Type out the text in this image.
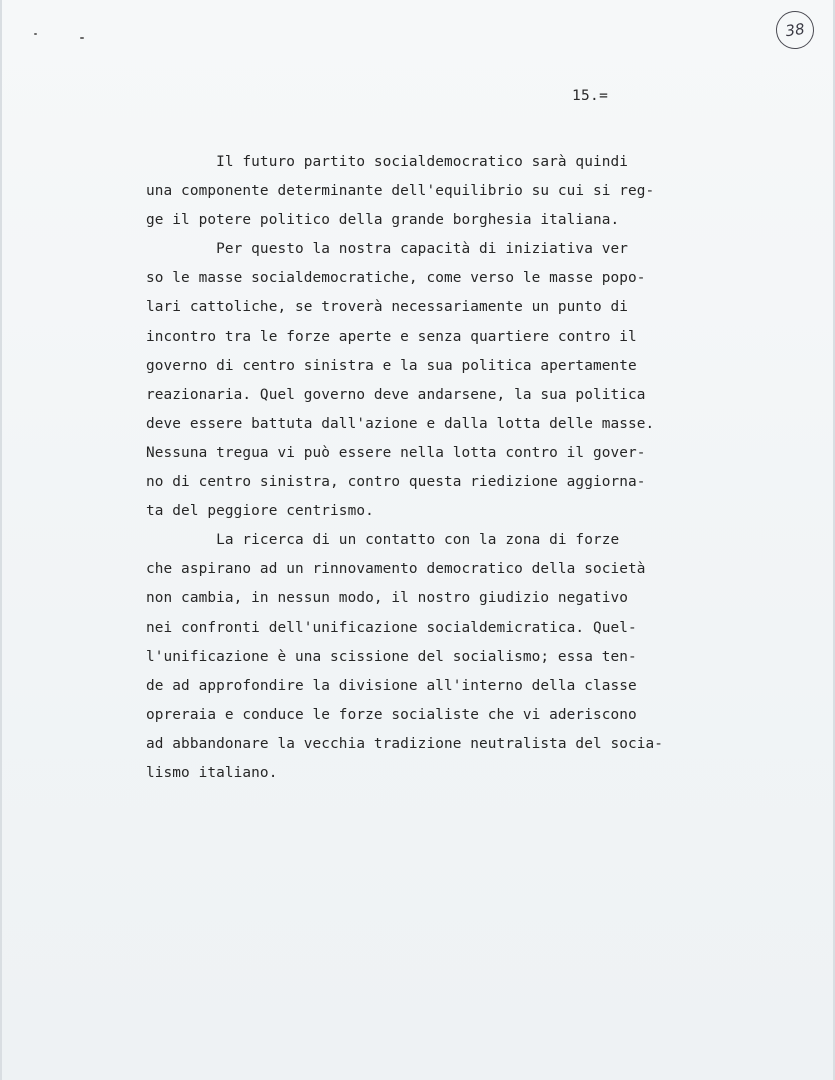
38
15.=
Il futuro partito socialdemocratico sarà quindi
una componente determinante dell'equilibrio su cui si reg-
ge il potere politico della grande borghesia italiana.
Per questo la nostra capacità di iniziativa ver
so le masse socialdemocratiche, come verso le masse popo-
lari cattoliche, se troverà necessariamente un punto di
incontro tra le forze aperte e senza quartiere contro il
governo di centro sinistra e la sua politica apertamente
reazionaria. Quel governo deve andarsene, la sua politica
deve essere battuta dall'azione e dalla lotta delle masse.
Nessuna tregua vi può essere nella lotta contro il gover-
no di centro sinistra, contro questa riedizione aggiorna-
ta del peggiore centrismo.
La ricerca di un contatto con la zona di forze
che aspirano ad un rinnovamento democratico della società
non cambia, in nessun modo, il nostro giudizio negativo
nei confronti dell'unificazione socialdemicratica. Quel-
l'unificazione è una scissione del socialismo; essa ten-
de ad approfondire la divisione all'interno della classe
opreraia e conduce le forze socialiste che vi aderiscono
ad abbandonare la vecchia tradizione neutralista del socia-
lismo italiano.
